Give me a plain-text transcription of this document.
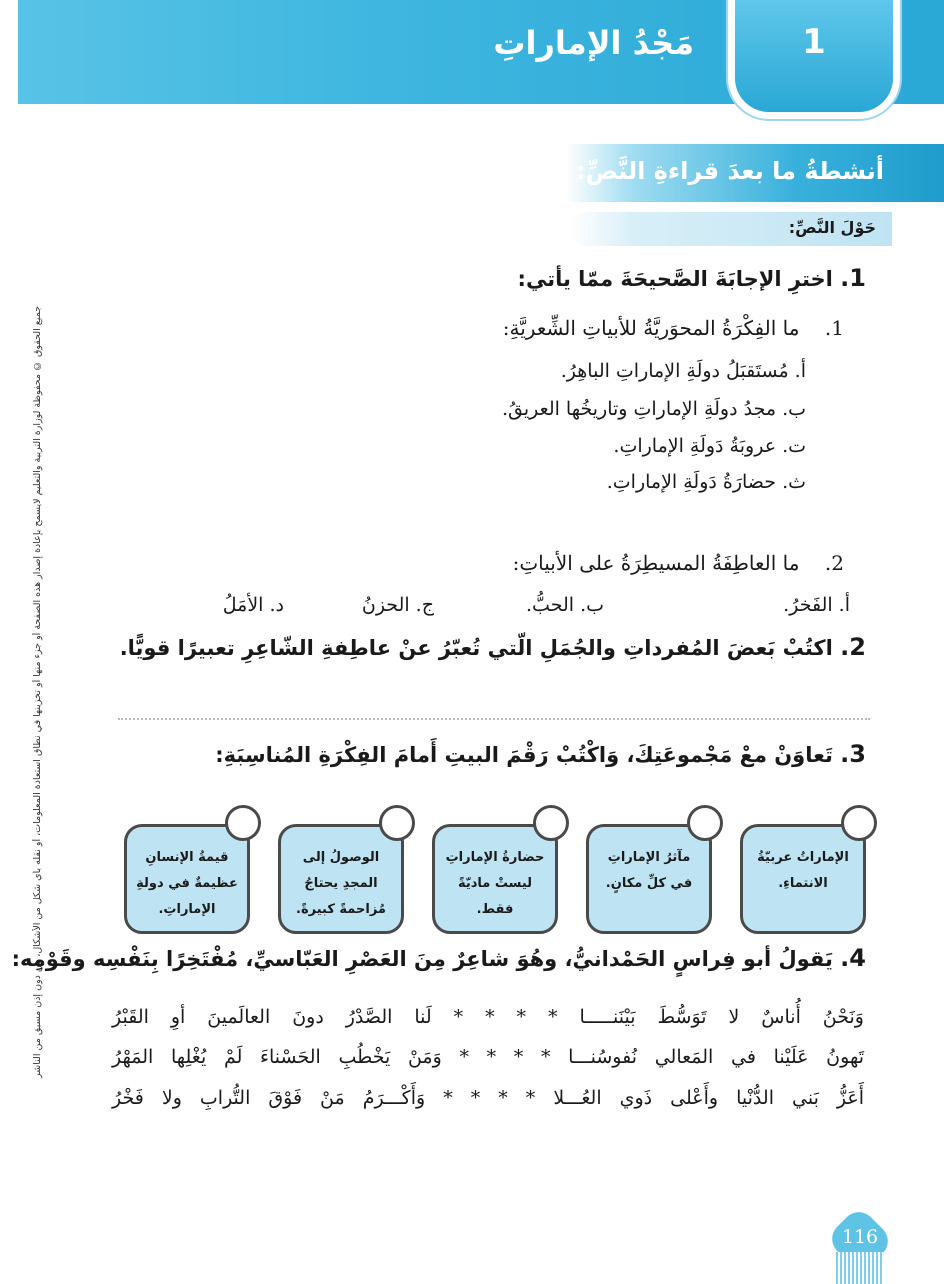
مَجْدُ الإماراتِ	1
أنشطةُ ما بعدَ قراءةِ النَّصِّ:
حَوْلَ النَّصِّ:
جميع الحقوق © محفوظة لوزارة التربية والتعليم لايسمح بإعادة إصدار هذه الصفحة أو جزء منها أو تخزينها في نطاق استعادة المعلومات، أو نقله بأي شكل من الأشكال، من دون إذن مسبق من الناشر
1. اخترِ الإجابَةَ الصَّحيحَةَ ممّا يأتي:
1.    ما الفِكْرَةُ المحوَريَّةُ للأبياتِ الشِّعريَّةِ:
أ. مُستَقبَلُ دولَةِ الإماراتِ الباهِرُ.
ب. مجدُ دولَةِ الإماراتِ وتاريخُها العريقُ.
ت. عروبَةُ دَولَةِ الإماراتِ.
ث. حضارَةُ دَولَةِ الإماراتِ.
2.    ما العاطِفَةُ المسيطِرَةُ على الأبياتِ:
أ. الفَخرُ.
ب. الحبُّ.
ج. الحزنُ
د. الأمَلُ
2. اكتُبْ بَعضَ المُفرداتِ والجُمَلِ الّتي تُعبّرُ عنْ عاطِفةِ الشّاعِرِ تعبيرًا قويًّا.
3. تَعاوَنْ معْ مَجْموعَتِكَ، وَاكْتُبْ رَقْمَ البيتِ أَمامَ الفِكْرَةِ المُناسِبَةِ:
الإماراتُ عربيّةُ الانتماءِ.
مآثرُ الإماراتِ في كلِّ مكانٍ.
حضارةُ الإماراتِ ليستْ ماديّةً فقط.
الوصولُ إلى المجدِ يحتاجُ مُزاحمةً كبيرةً.
قيمةُ الإنسانِ عظيمةٌ في دولةِ الإماراتِ.
4. يَقولُ أبو فِراسٍ الحَمْدانيُّ، وهُوَ شاعِرٌ مِنَ العَصْرِ العَبّاسيِّ، مُفْتَخِرًا بِنَفْسِه وقَوْمِه:
وَنَحْنُ أُناسٌ لا تَوَسُّطَ بَيْنَنـــــا * * * * لَنا الصَّدْرُ دونَ العالَمينَ أوِ القَبْرُ
تَهونُ عَلَيْنا في المَعالي نُفوسُنـــا * * * * وَمَنْ يَخْطُبِ الحَسْناءَ لَمْ يُغْلِها المَهْرُ
أَعَزُّ بَني الدُّنْيا وأَعْلى ذَوي العُـــلا * * * * وَأَكْـــرَمُ مَنْ فَوْقَ التُّرابِ ولا فَخْرُ
116
